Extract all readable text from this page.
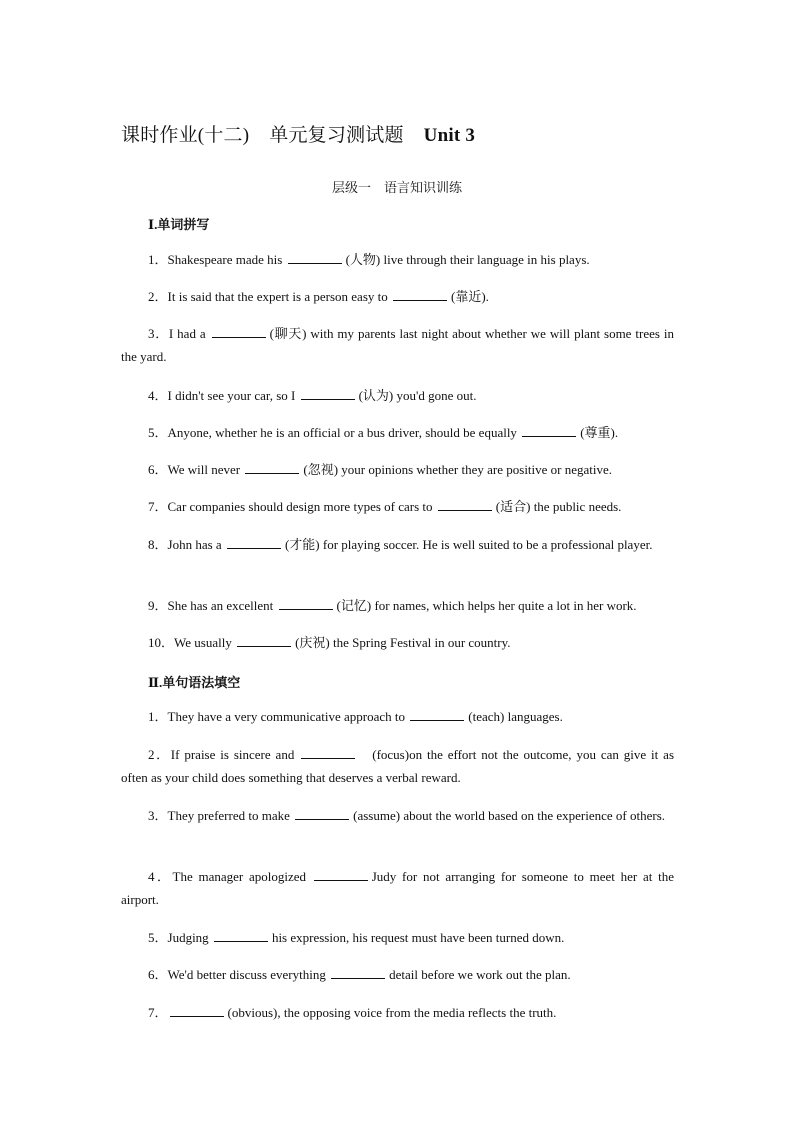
课时作业(十二) 单元复习测试题 Unit 3
层级一　语言知识训练
Ⅰ.单词拼写
1．Shakespeare made his	(人物) live through their language in his plays.
2．It is said that the expert is a person easy to	(靠近).
3．I had a	(聊天) with my parents last night about whether we will plant some trees in the yard.
4．I didn't see your car, so I	(认为) you'd gone out.
5．Anyone, whether he is an official or a bus driver, should be equally	(尊重).
6．We will never	(忽视) your opinions whether they are positive or negative.
7．Car companies should design more types of cars to	(适合) the public needs.
8．John has a	(才能) for playing soccer. He is well suited to be a professional player.
9．She has an excellent	(记忆) for names, which helps her quite a lot in her work.
10．We usually	(庆祝) the Spring Festival in our country.
Ⅱ.单句语法填空
1．They have a very communicative approach to	(teach) languages.
2．If praise is sincere and  	(focus)on the effort not the outcome, you can give it as often as your child does something that deserves a verbal reward.
3．They preferred to make	(assume) about the world based on the experience of others.
4．The manager apologized	Judy for not arranging for someone to meet her at the airport.
5．Judging	his expression, his request must have been turned down.
6．We'd better discuss everything	detail before we work out the plan.
7．	(obvious), the opposing voice from the media reflects the truth.
